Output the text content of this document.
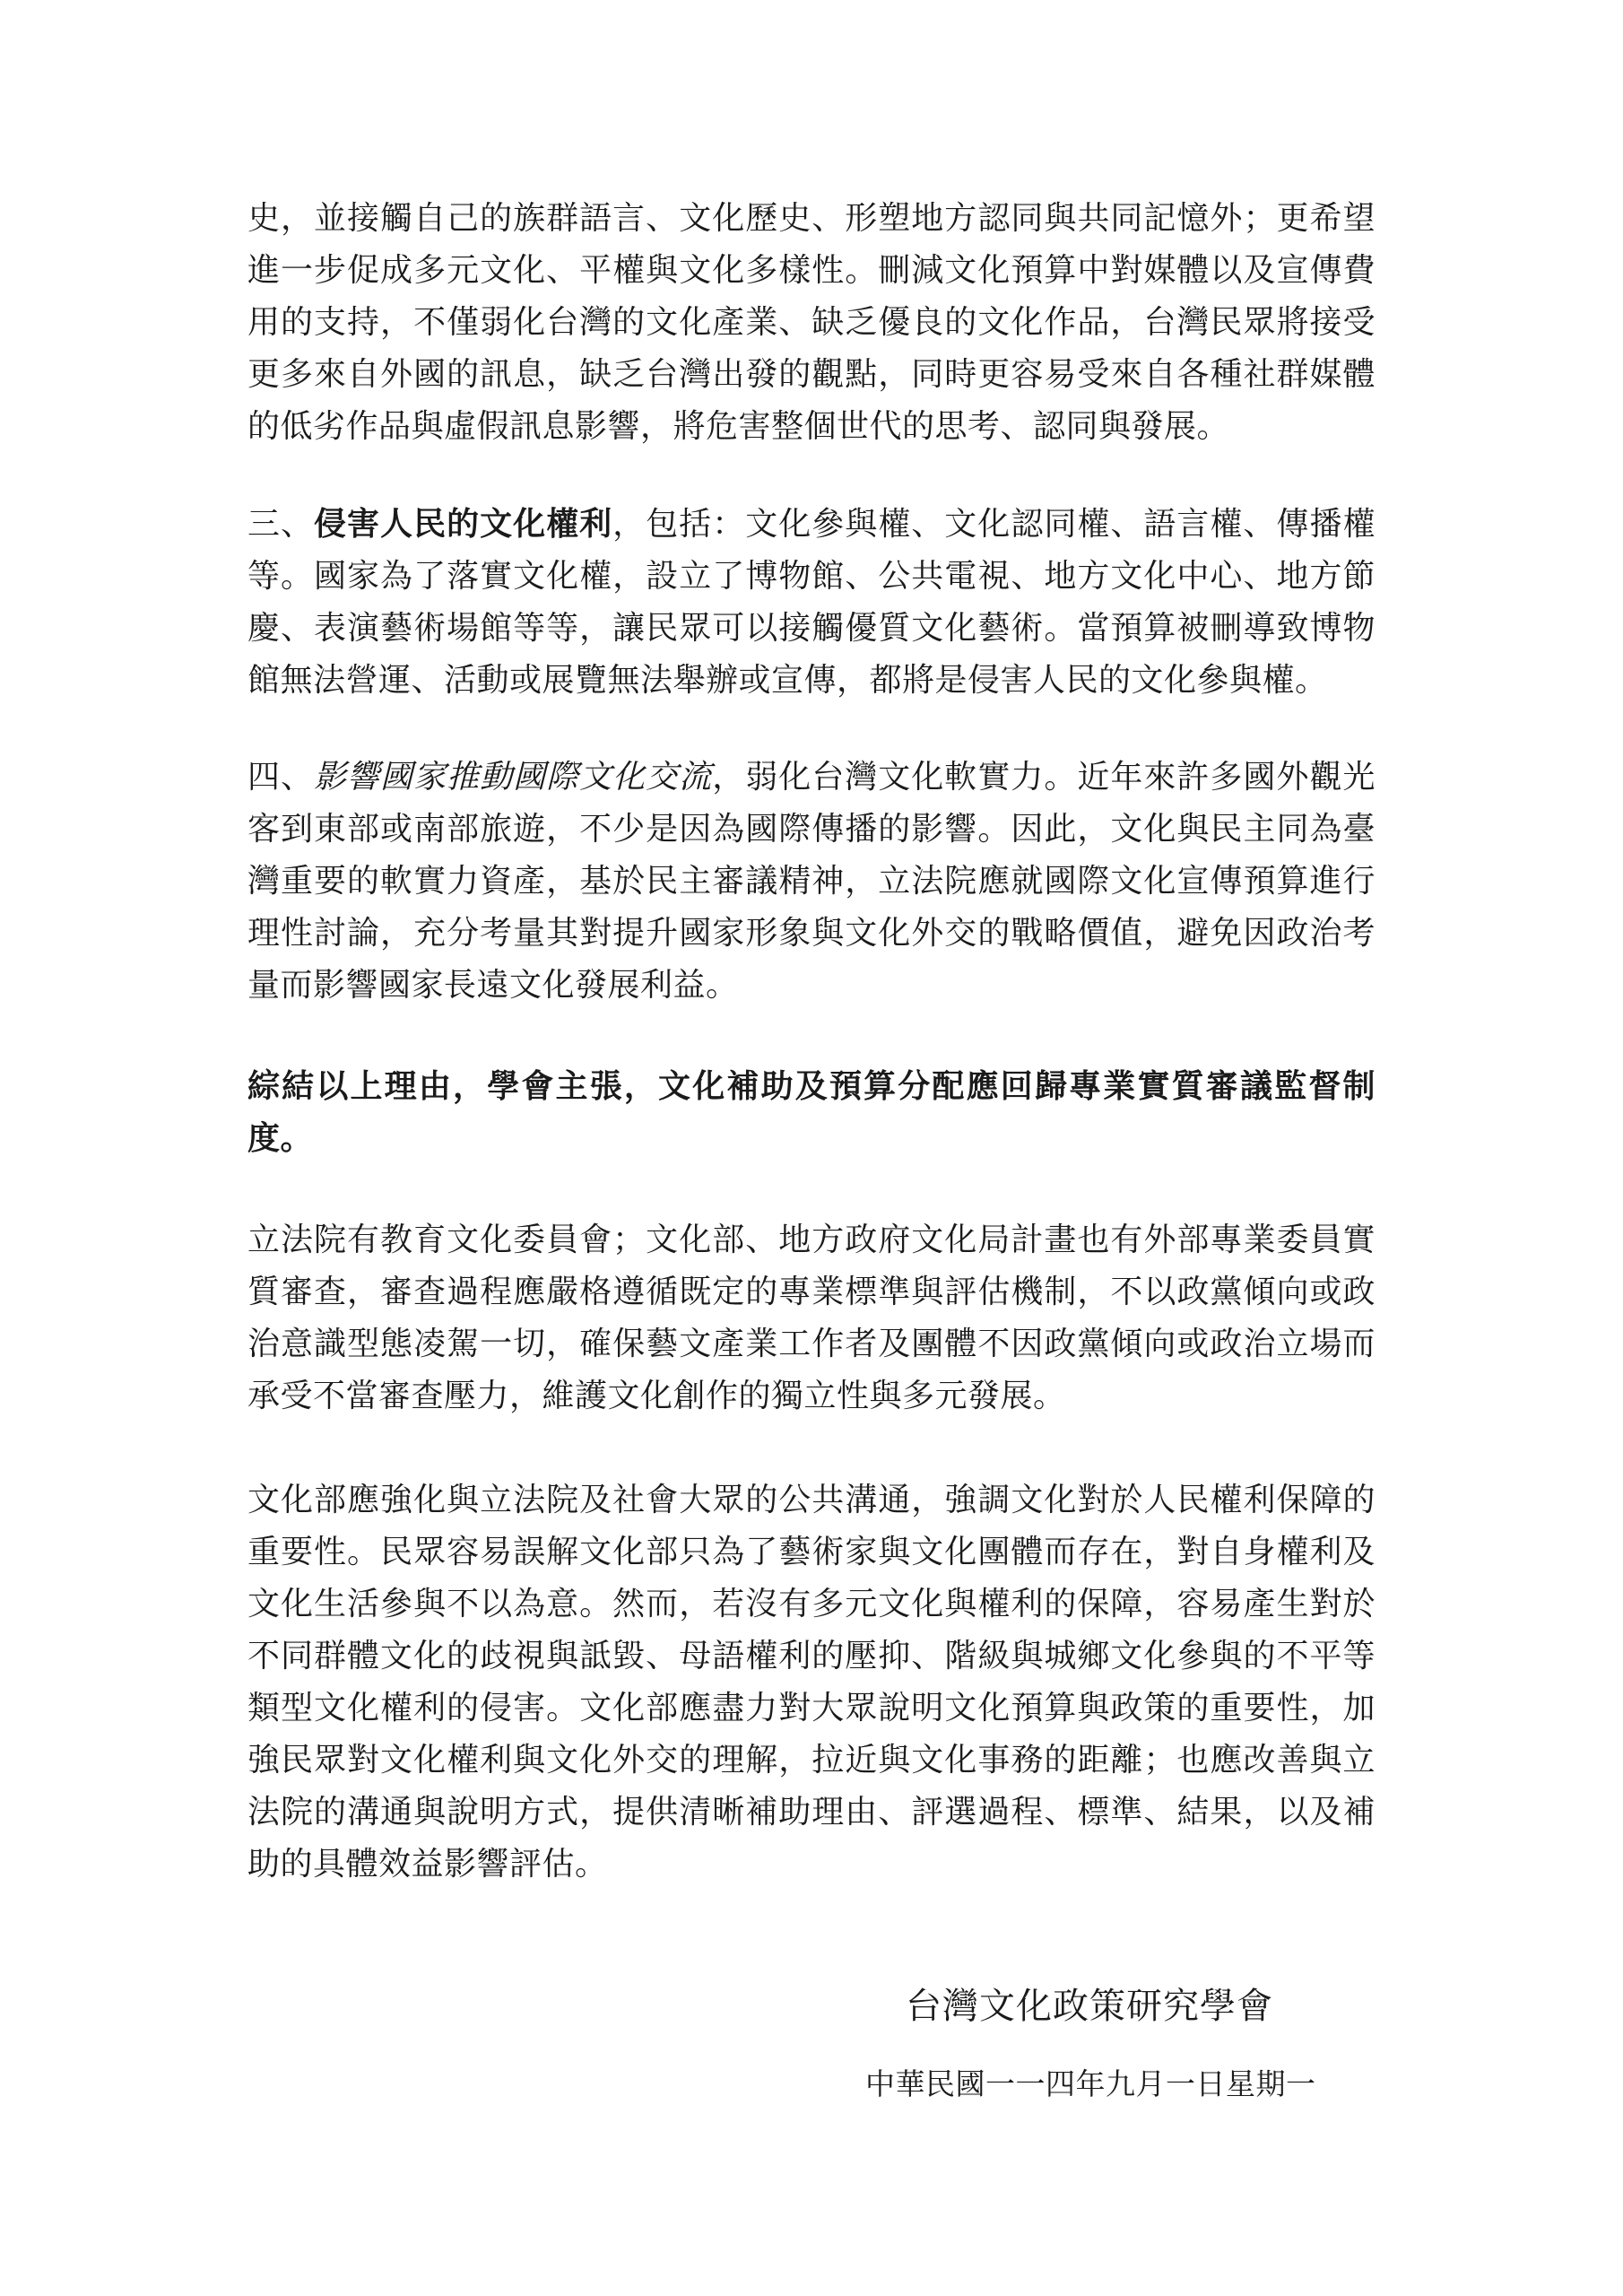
史，並接觸自己的族群語言、文化歷史、形塑地方認同與共同記憶外；更希望進一步促成多元文化、平權與文化多樣性。刪減文化預算中對媒體以及宣傳費用的支持，不僅弱化台灣的文化產業、缺乏優良的文化作品，台灣民眾將接受更多來自外國的訊息，缺乏台灣出發的觀點，同時更容易受來自各種社群媒體的低劣作品與虛假訊息影響，將危害整個世代的思考、認同與發展。

三、侵害人民的文化權利，包括：文化參與權、文化認同權、語言權、傳播權等。國家為了落實文化權，設立了博物館、公共電視、地方文化中心、地方節慶、表演藝術場館等等，讓民眾可以接觸優質文化藝術。當預算被刪導致博物館無法營運、活動或展覽無法舉辦或宣傳，都將是侵害人民的文化參與權。

四、影響國家推動國際文化交流，弱化台灣文化軟實力。近年來許多國外觀光客到東部或南部旅遊，不少是因為國際傳播的影響。因此，文化與民主同為臺灣重要的軟實力資產，基於民主審議精神，立法院應就國際文化宣傳預算進行理性討論，充分考量其對提升國家形象與文化外交的戰略價值，避免因政治考量而影響國家長遠文化發展利益。

綜結以上理由，學會主張，文化補助及預算分配應回歸專業實質審議監督制度。

立法院有教育文化委員會；文化部、地方政府文化局計畫也有外部專業委員實質審查，審查過程應嚴格遵循既定的專業標準與評估機制，不以政黨傾向或政治意識型態凌駕一切，確保藝文產業工作者及團體不因政黨傾向或政治立場而承受不當審查壓力，維護文化創作的獨立性與多元發展。

文化部應強化與立法院及社會大眾的公共溝通，強調文化對於人民權利保障的重要性。民眾容易誤解文化部只為了藝術家與文化團體而存在，對自身權利及文化生活參與不以為意。然而，若沒有多元文化與權利的保障，容易產生對於不同群體文化的歧視與詆毀、母語權利的壓抑、階級與城鄉文化參與的不平等類型文化權利的侵害。文化部應盡力對大眾說明文化預算與政策的重要性，加強民眾對文化權利與文化外交的理解，拉近與文化事務的距離；也應改善與立法院的溝通與說明方式，提供清晰補助理由、評選過程、標準、結果，以及補助的具體效益影響評估。

台灣文化政策研究學會
中華民國一一四年九月一日星期一
